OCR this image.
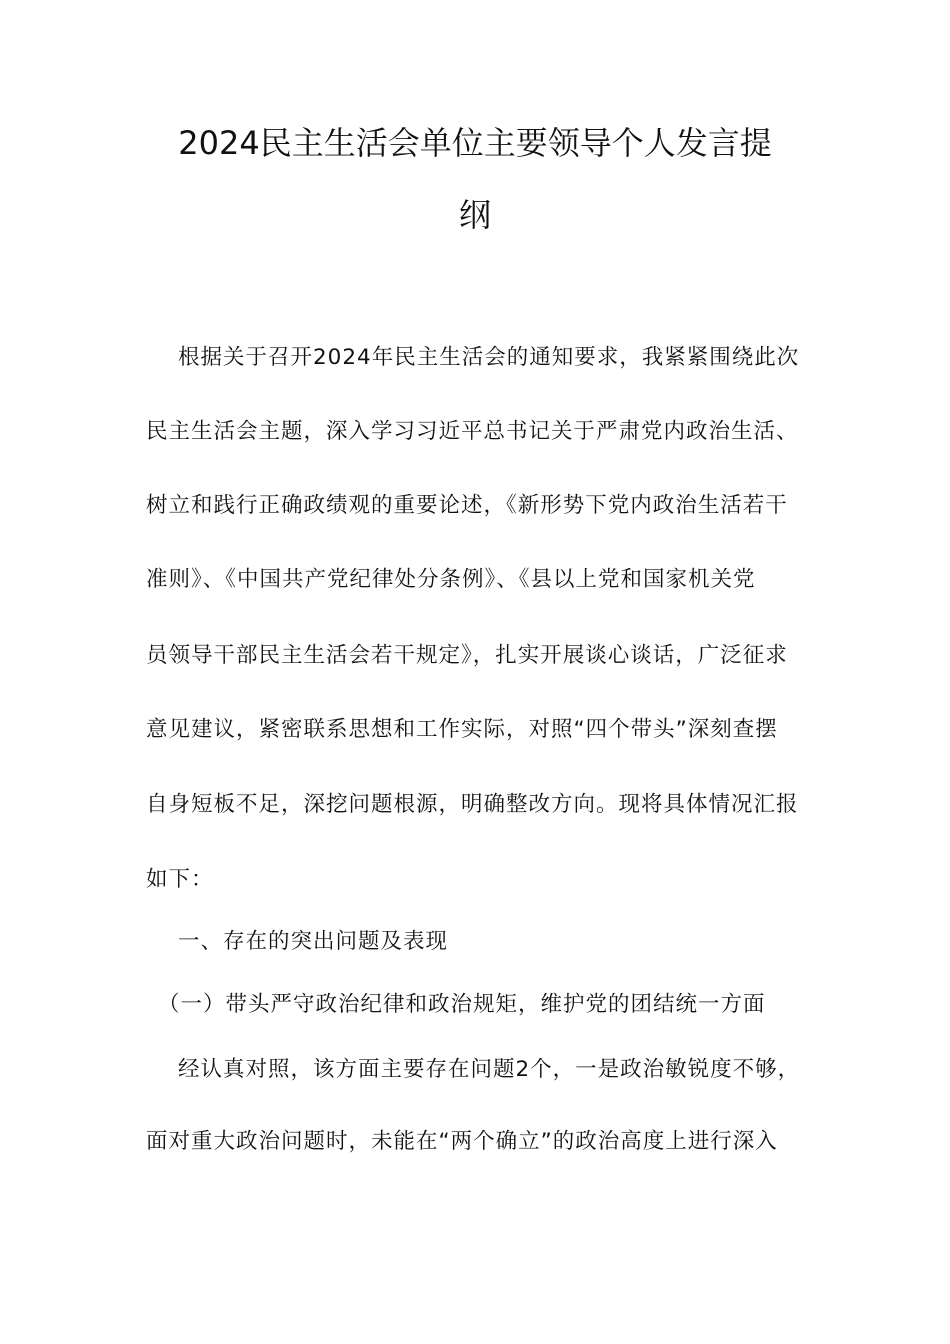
2024民主生活会单位主要领导个人发言提
纲
根据关于召开2024年民主生活会的通知要求，我紧紧围绕此次
民主生活会主题，深入学习习近平总书记关于严肃党内政治生活、
树立和践行正确政绩观的重要论述，《新形势下党内政治生活若干
准则》、《中国共产党纪律处分条例》、《县以上党和国家机关党
员领导干部民主生活会若干规定》，扎实开展谈心谈话，广泛征求
意见建议，紧密联系思想和工作实际，对照“四个带头”深刻查摆
自身短板不足，深挖问题根源，明确整改方向。现将具体情况汇报
如下：
一、存在的突出问题及表现
（一）带头严守政治纪律和政治规矩，维护党的团结统一方面
经认真对照，该方面主要存在问题2个，一是政治敏锐度不够，
面对重大政治问题时，未能在“两个确立”的政治高度上进行深入
